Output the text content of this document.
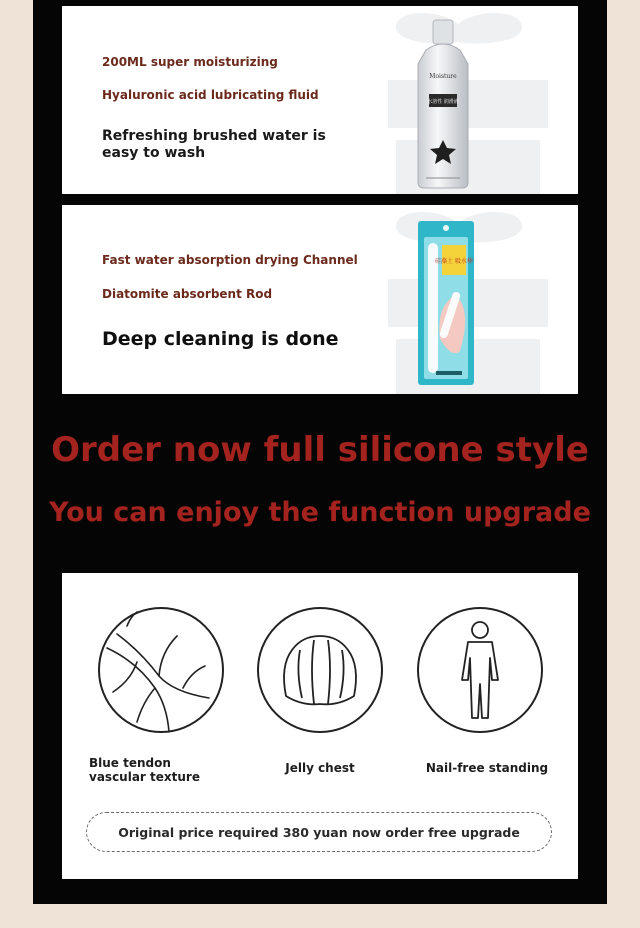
200ML super moisturizing
Hyaluronic acid lubricating fluid
Refreshing brushed water is easy to wash
Moisture
水溶性 润滑液
Fast water absorption drying Channel
Diatomite absorbent Rod
Deep cleaning is done
硅藻土 吸水棒
Order now full silicone style
You can enjoy the function upgrade
Blue tendon vascular texture
Jelly chest	Nail-free standing
Original price required 380 yuan now order free upgrade
